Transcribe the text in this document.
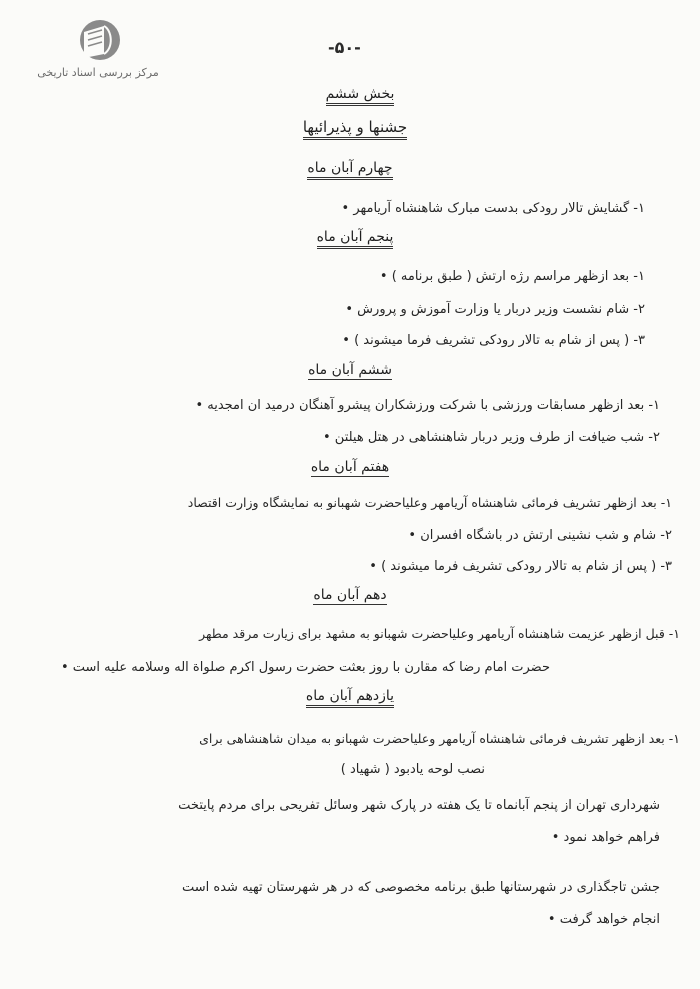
مرکز بررسی اسناد تاریخی
-۵۰-
بخش ششم
جشنها و پذیرائیها
چهارم آبان ماه
۱- گشایش تالار رودکی بدست مبارک شاهنشاه آریامهر •
پنجم آبان ماه
۱- بعد ازظهر مراسم رژه ارتش ( طبق برنامه ) •
۲- شام نشست وزیر دربار یا وزارت آموزش و پرورش •
۳- ( پس از شام به تالار رودکی تشریف فرما میشوند ) •
ششم آبان ماه
۱- بعد ازظهر مسابقات ورزشی با شرکت ورزشکاران پیشرو آهنگان درمید ان امجدیه •
۲- شب ضیافت از طرف وزیر دربار شاهنشاهی در هتل هیلتن •
هفتم آبان ماه
۱- بعد ازظهر تشریف فرمائی شاهنشاه آریامهر وعلیاحضرت شهبانو به نمایشگاه وزارت اقتصاد
۲- شام و شب نشینی ارتش در باشگاه افسران •
۳- ( پس از شام به تالار رودکی تشریف فرما میشوند ) •
دهم آبان ماه
۱- قبل ازظهر عزیمت شاهنشاه آریامهر وعلیاحضرت شهبانو به مشهد برای زیارت مرقد مطهر
حضرت امام رضا که مقارن با روز بعثت حضرت رسول اکرم صلواة اله وسلامه علیه است •
یازدهم آبان ماه
۱- بعد ازظهر تشریف فرمائی شاهنشاه آریامهر وعلیاحضرت شهبانو به میدان شاهنشاهی برای
نصب لوحه یادبود ( شهیاد )
شهرداری تهران از پنجم آبانماه تا یک هفته در پارک شهر وسائل تفریحی برای مردم پایتخت
فراهم خواهد نمود •
جشن تاجگذاری در شهرستانها طبق برنامه مخصوصی که در هر شهرستان تهیه شده است
انجام خواهد گرفت •
